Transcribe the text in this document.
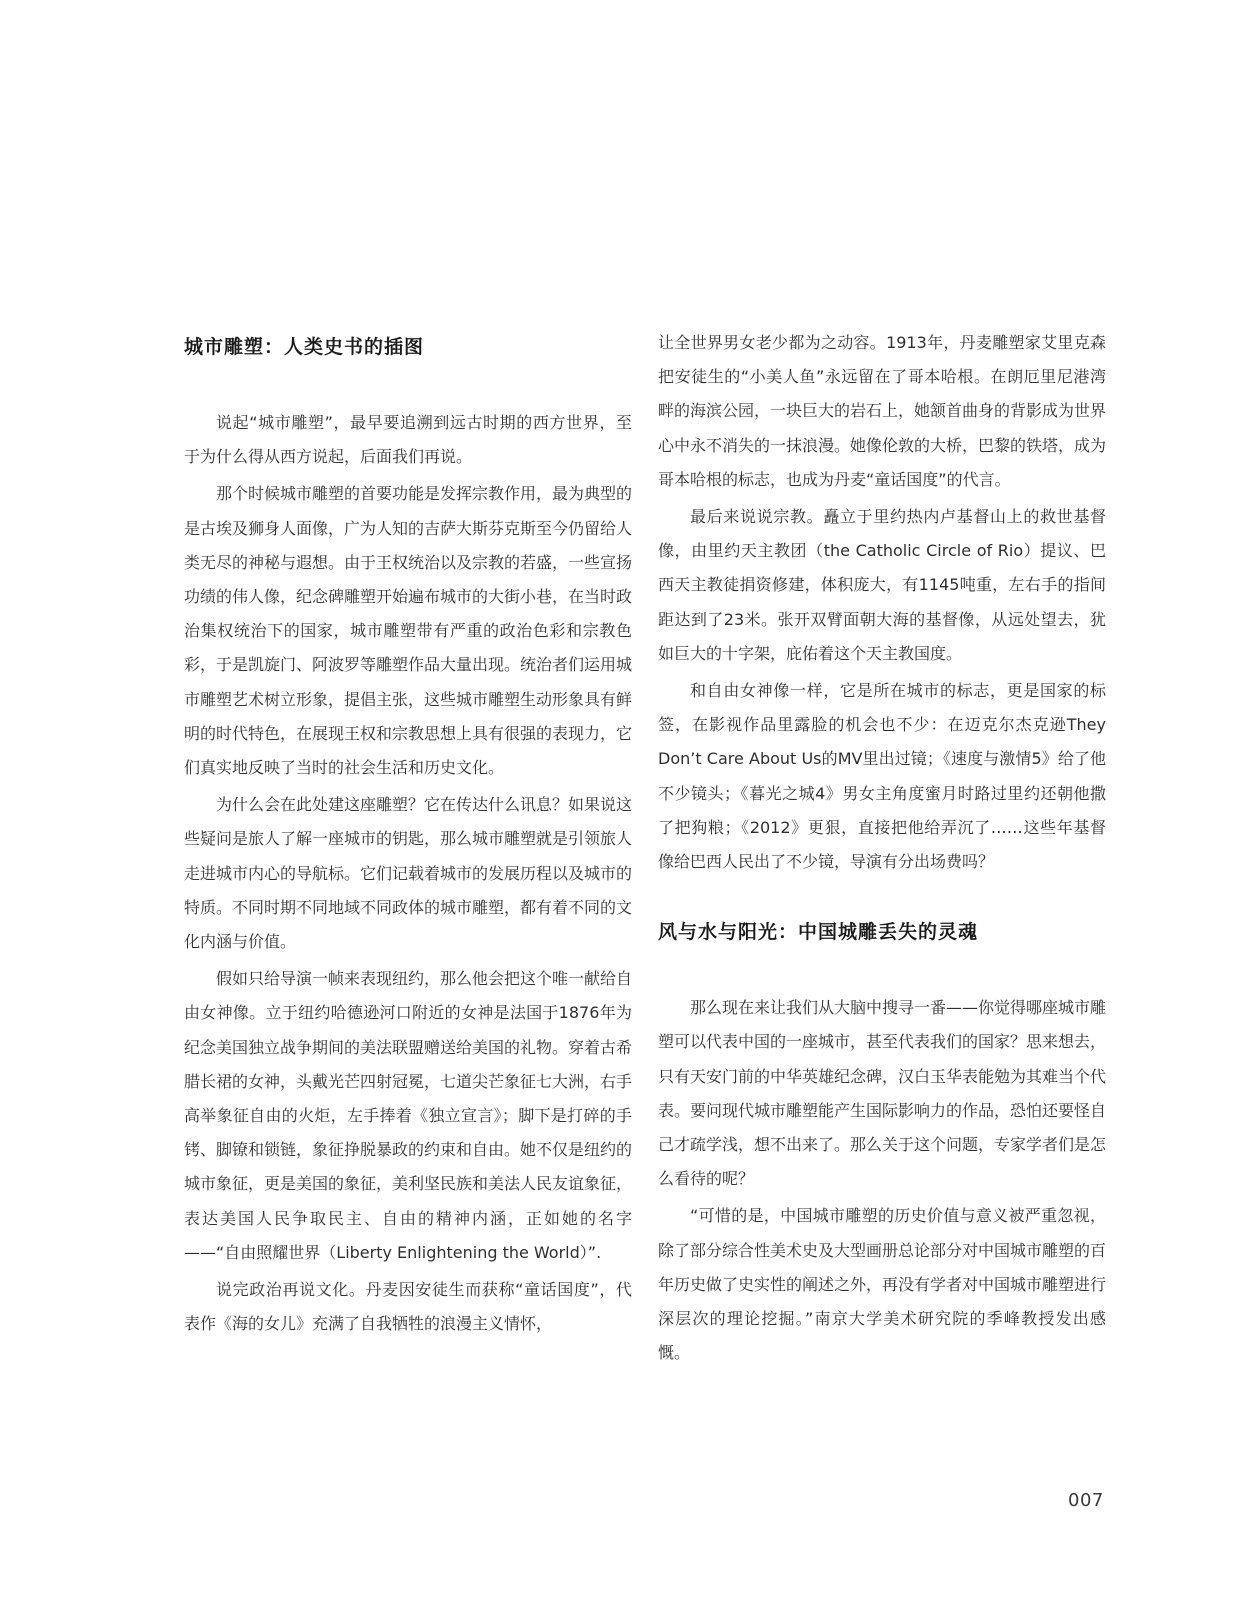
城市雕塑：人类史书的插图

说起“城市雕塑”，最早要追溯到远古时期的西方世界，至于为什么得从西方说起，后面我们再说。

那个时候城市雕塑的首要功能是发挥宗教作用，最为典型的是古埃及狮身人面像，广为人知的吉萨大斯芬克斯至今仍留给人类无尽的神秘与遐想。由于王权统治以及宗教的若盛，一些宣扬功绩的伟人像，纪念碑雕塑开始遍布城市的大街小巷，在当时政治集权统治下的国家，城市雕塑带有严重的政治色彩和宗教色彩，于是凯旋门、阿波罗等雕塑作品大量出现。统治者们运用城市雕塑艺术树立形象，提倡主张，这些城市雕塑生动形象具有鲜明的时代特色，在展现王权和宗教思想上具有很强的表现力，它们真实地反映了当时的社会生活和历史文化。

为什么会在此处建这座雕塑？它在传达什么讯息？如果说这些疑问是旅人了解一座城市的钥匙，那么城市雕塑就是引领旅人走进城市内心的导航标。它们记载着城市的发展历程以及城市的特质。不同时期不同地域不同政体的城市雕塑，都有着不同的文化内涵与价值。

假如只给导演一帧来表现纽约，那么他会把这个唯一献给自由女神像。立于纽约哈德逊河口附近的女神是法国于1876年为纪念美国独立战争期间的美法联盟赠送给美国的礼物。穿着古希腊长裙的女神，头戴光芒四射冠冕，七道尖芒象征七大洲，右手高举象征自由的火炬，左手捧着《独立宣言》；脚下是打碎的手铐、脚镣和锁链，象征挣脱暴政的约束和自由。她不仅是纽约的城市象征，更是美国的象征，美利坚民族和美法人民友谊象征，表达美国人民争取民主、自由的精神内涵，正如她的名字——“自由照耀世界（Liberty Enlightening the World）”.

说完政治再说文化。丹麦因安徒生而获称“童话国度”，代表作《海的女儿》充满了自我牺牲的浪漫主义情怀，

让全世界男女老少都为之动容。1913年，丹麦雕塑家艾里克森把安徒生的“小美人鱼”永远留在了哥本哈根。在朗厄里尼港湾畔的海滨公园，一块巨大的岩石上，她颔首曲身的背影成为世界心中永不消失的一抹浪漫。她像伦敦的大桥，巴黎的铁塔，成为哥本哈根的标志，也成为丹麦“童话国度”的代言。

最后来说说宗教。矗立于里约热内卢基督山上的救世基督像，由里约天主教团（the Catholic Circle of Rio）提议、巴西天主教徒捐资修建，体积庞大，有1145吨重，左右手的指间距达到了23米。张开双臂面朝大海的基督像，从远处望去，犹如巨大的十字架，庇佑着这个天主教国度。

和自由女神像一样，它是所在城市的标志，更是国家的标签，在影视作品里露脸的机会也不少：在迈克尔杰克逊They Don’t Care About Us的MV里出过镜；《速度与激情5》给了他不少镜头；《暮光之城4》男女主角度蜜月时路过里约还朝他撒了把狗粮；《2012》更狠，直接把他给弄沉了……这些年基督像给巴西人民出了不少镜，导演有分出场费吗？

风与水与阳光：中国城雕丢失的灵魂

那么现在来让我们从大脑中搜寻一番——你觉得哪座城市雕塑可以代表中国的一座城市，甚至代表我们的国家？思来想去，只有天安门前的中华英雄纪念碑，汉白玉华表能勉为其难当个代表。要问现代城市雕塑能产生国际影响力的作品，恐怕还要怪自己才疏学浅，想不出来了。那么关于这个问题，专家学者们是怎么看待的呢？

“可惜的是，中国城市雕塑的历史价值与意义被严重忽视，除了部分综合性美术史及大型画册总论部分对中国城市雕塑的百年历史做了史实性的阐述之外，再没有学者对中国城市雕塑进行深层次的理论挖掘。”南京大学美术研究院的季峰教授发出感慨。

007
